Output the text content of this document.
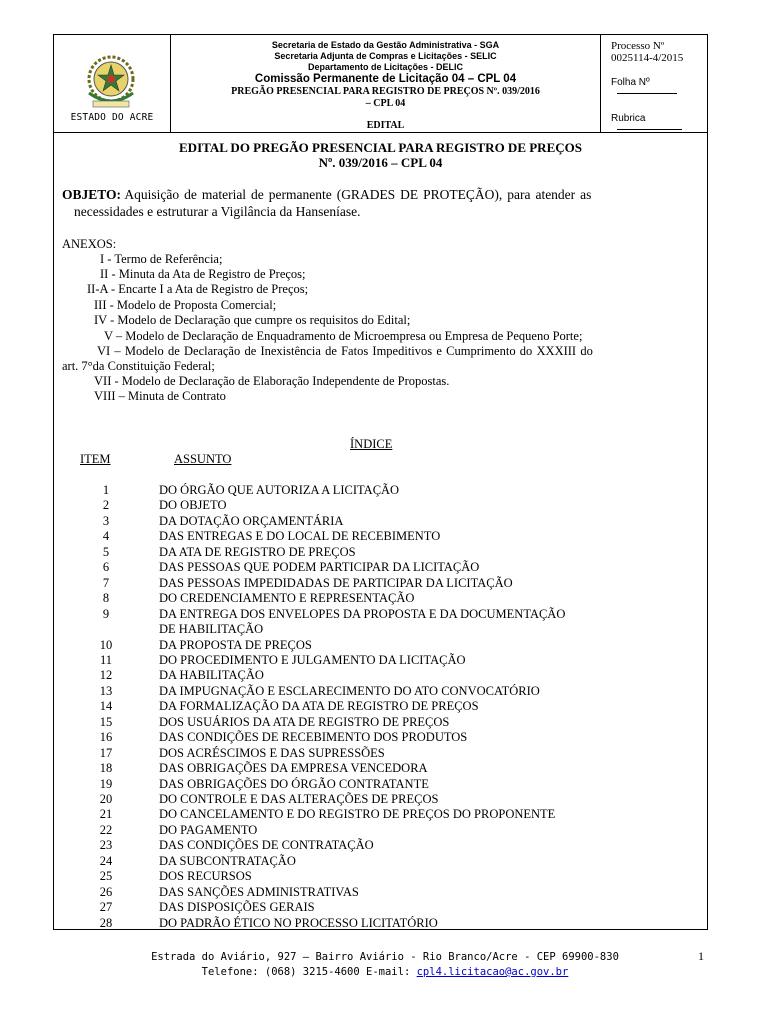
ESTADO DO ACRE
Secretaria de Estado da Gestão Administrativa - SGA
Secretaria Adjunta de Compras e Licitações - SELIC
Departamento de Licitações - DELIC
Comissão Permanente de Licitação 04 – CPL 04
PREGÃO PRESENCIAL PARA REGISTRO DE PREÇOS Nº. 039/2016
– CPL 04
EDITAL
Processo Nº 0025114-4/2015
Folha Nº
Rubrica
EDITAL DO PREGÃO PRESENCIAL PARA REGISTRO DE PREÇOS
Nº. 039/2016 – CPL 04
OBJETO: Aquisição de material de permanente (GRADES DE PROTEÇÃO), para atender as
necessidades e estruturar a Vigilância da Hanseníase.
ANEXOS:
I - Termo de Referência;
II - Minuta da Ata de Registro de Preços;
II-A - Encarte I a Ata de Registro de Preços;
III - Modelo de Proposta Comercial;
IV - Modelo de Declaração que cumpre os requisitos do Edital;
V – Modelo de Declaração de Enquadramento de Microempresa ou Empresa de Pequeno Porte;
VI – Modelo de Declaração de Inexistência de Fatos Impeditivos e Cumprimento do XXXIII do
art. 7°da Constituição Federal;
VII - Modelo de Declaração de Elaboração Independente de Propostas.
VIII – Minuta de Contrato
ÍNDICE
ITEM	ASSUNTO
1	DO ÓRGÃO QUE AUTORIZA A LICITAÇÃO
2	DO OBJETO
3	DA DOTAÇÃO ORÇAMENTÁRIA
4	DAS ENTREGAS E DO LOCAL DE RECEBIMENTO
5	DA ATA DE REGISTRO DE PREÇOS
6	DAS PESSOAS QUE PODEM PARTICIPAR DA LICITAÇÃO
7	DAS PESSOAS IMPEDIDADAS DE PARTICIPAR DA LICITAÇÃO
8	DO CREDENCIAMENTO E REPRESENTAÇÃO
9	DA ENTREGA DOS ENVELOPES DA PROPOSTA E DA DOCUMENTAÇÃO
DE HABILITAÇÃO
10	DA PROPOSTA DE PREÇOS
11	DO PROCEDIMENTO E JULGAMENTO DA LICITAÇÃO
12	DA HABILITAÇÃO
13	DA IMPUGNAÇÃO E ESCLARECIMENTO DO ATO CONVOCATÓRIO
14	DA FORMALIZAÇÃO DA ATA DE REGISTRO DE PREÇOS
15	DOS USUÁRIOS DA ATA DE REGISTRO DE PREÇOS
16	DAS CONDIÇÕES DE RECEBIMENTO DOS PRODUTOS
17	DOS ACRÉSCIMOS E DAS SUPRESSÕES
18	DAS OBRIGAÇÕES DA EMPRESA VENCEDORA
19	DAS OBRIGAÇÕES DO ÓRGÃO CONTRATANTE
20	DO CONTROLE E DAS ALTERAÇÕES DE PREÇOS
21	DO CANCELAMENTO E DO REGISTRO DE PREÇOS DO PROPONENTE
22	DO PAGAMENTO
23	DAS CONDIÇÕES DE CONTRATAÇÃO
24	DA SUBCONTRATAÇÃO
25	DOS RECURSOS
26	DAS SANÇÕES ADMINISTRATIVAS
27	DAS DISPOSIÇÕES GERAIS
28	DO PADRÃO ÉTICO NO PROCESSO LICITATÓRIO
Estrada do Aviário, 927 – Bairro Aviário - Rio Branco/Acre - CEP 69900-830
Telefone: (068) 3215-4600 E-mail: cpl4.licitacao@ac.gov.br
1
